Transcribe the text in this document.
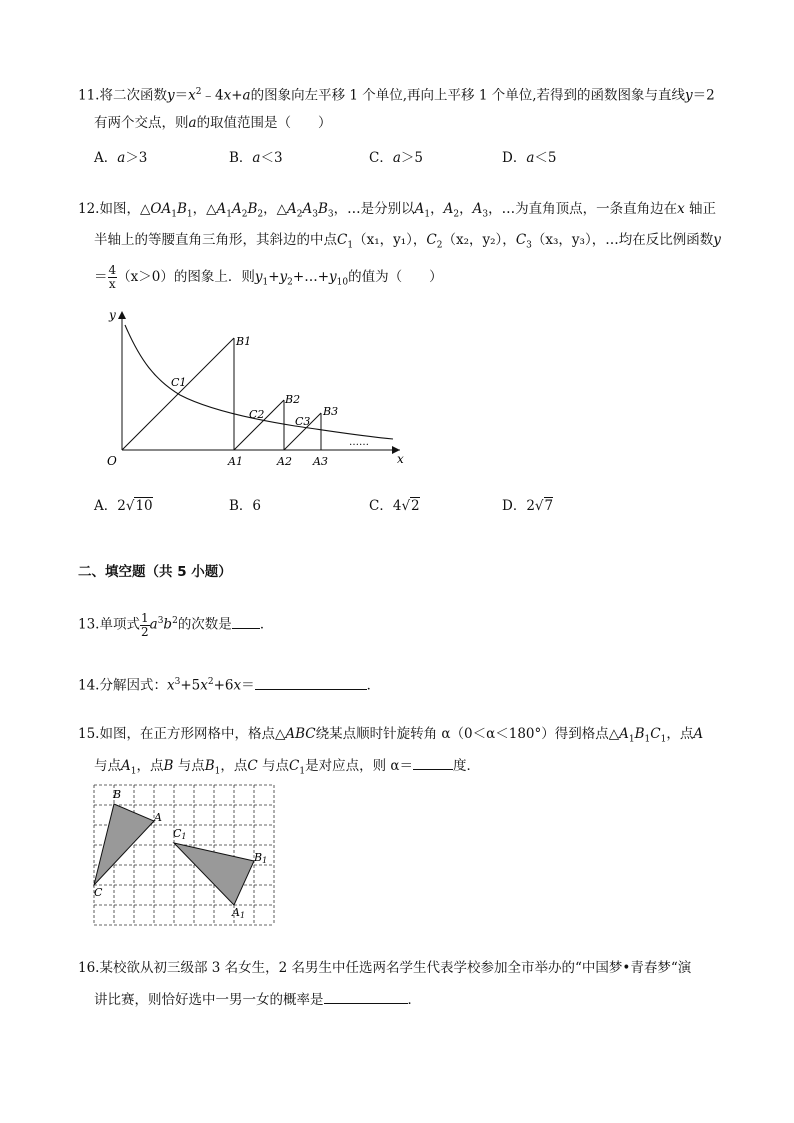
11.将二次函数$y=x^2﹣4x+a$的图象向左平移 1 个单位,再向上平移 1 个单位,若得到的函数图象与直线y＝2
有两个交点，则a的取值范围是（　　）
A．a＞3	B．a＜3	C．a＞5	D．a＜5
12.如图，$\triangle OA_1B_1$，$\triangle A_1A_2B_2$，$\triangle A_2A_3B_3$，…是分别以$A_1$，$A_2$，$A_3$，…为直角顶点，一条直角边在x 轴正
半轴上的等腰直角三角形，其斜边的中点$C_1(x_1$，y₁），$C_2(x_2$，y₂），$C_3(x_3$，y₃），…均在反比例函数y
＝ $\frac{4}{x} (x>0)$的图象上．则$y_1+y_2+\dots+y_{10}$的值为（　　）
y
x
O
B1
B2
B3
C1
C2
C3
A1	A2 A3
……
A．2√10	B．6	C．4√2	D．2√7
二、填空题（共 5 小题）
13.单项式 $\frac{1}{2} a^3b^2$的次数是 ．
14.分解因式：$x^3+5x^2+6x=$	．
15.如图，在正方形网格中，格点△ABC绕某点顺时针旋转角 α（0＜α＜180°）得到格点$\triangle A_1B_1C_1$，点A
与点$A_1$，点B 与点$B_1$，点C 与点$C_1$是对应点，则 α＝	度．
B
A
C
C1
B1
A1
16.某校欲从初三级部 3 名女生，2 名男生中任选两名学生代表学校参加全市举办的“中国梦•青春梦“演
讲比赛，则恰好选中一男一女的概率是	．
